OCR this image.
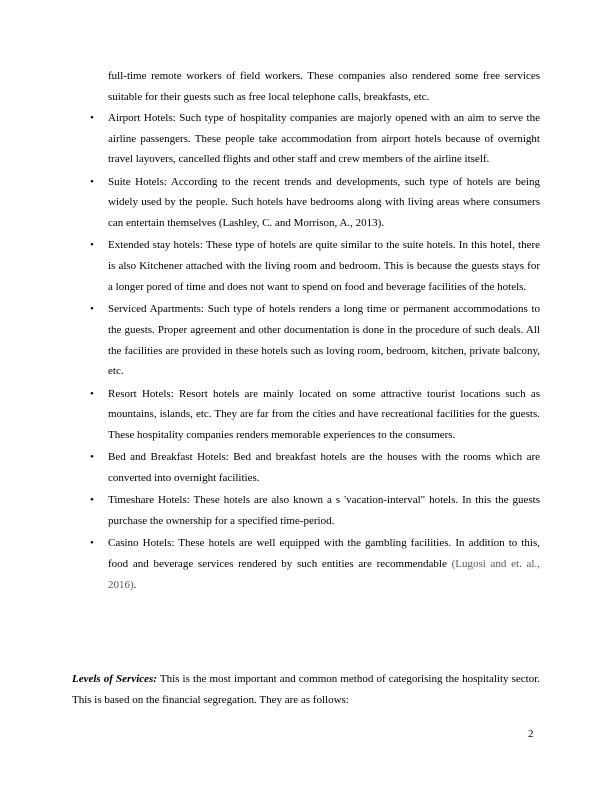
full-time remote workers of field workers. These companies also rendered some free services suitable for their guests such as free local telephone calls, breakfasts, etc.

• Airport Hotels: Such type of hospitality companies are majorly opened with an aim to serve the airline passengers. These people take accommodation from airport hotels because of overnight travel layovers, cancelled flights and other staff and crew members of the airline itself.
• Suite Hotels: According to the recent trends and developments, such type of hotels are being widely used by the people. Such hotels have bedrooms along with living areas where consumers can entertain themselves (Lashley, C. and Morrison, A., 2013).
• Extended stay hotels: These type of hotels are quite similar to the suite hotels. In this hotel, there is also Kitchener attached with the living room and bedroom. This is because the guests stays for a longer pored of time and does not want to spend on food and beverage facilities of the hotels.
• Serviced Apartments: Such type of hotels renders a long time or permanent accommodations to the guests. Proper agreement and other documentation is done in the procedure of such deals. All the facilities are provided in these hotels such as loving room, bedroom, kitchen, private balcony, etc.
• Resort Hotels: Resort hotels are mainly located on some attractive tourist locations such as mountains, islands, etc. They are far from the cities and have recreational facilities for the guests. These hospitality companies renders memorable experiences to the consumers.
• Bed and Breakfast Hotels: Bed and breakfast hotels are the houses with the rooms which are converted into overnight facilities.
• Timeshare Hotels: These hotels are also known a s 'vacation-interval" hotels. In this the guests purchase the ownership for a specified time-period.
• Casino Hotels: These hotels are well equipped with the gambling facilities. In addition to this, food and beverage services rendered by such entities are recommendable (Lugosi and et. al., 2016).

Levels of Services: This is the most important and common method of categorising the hospitality sector. This is based on the financial segregation. They are as follows:

2
